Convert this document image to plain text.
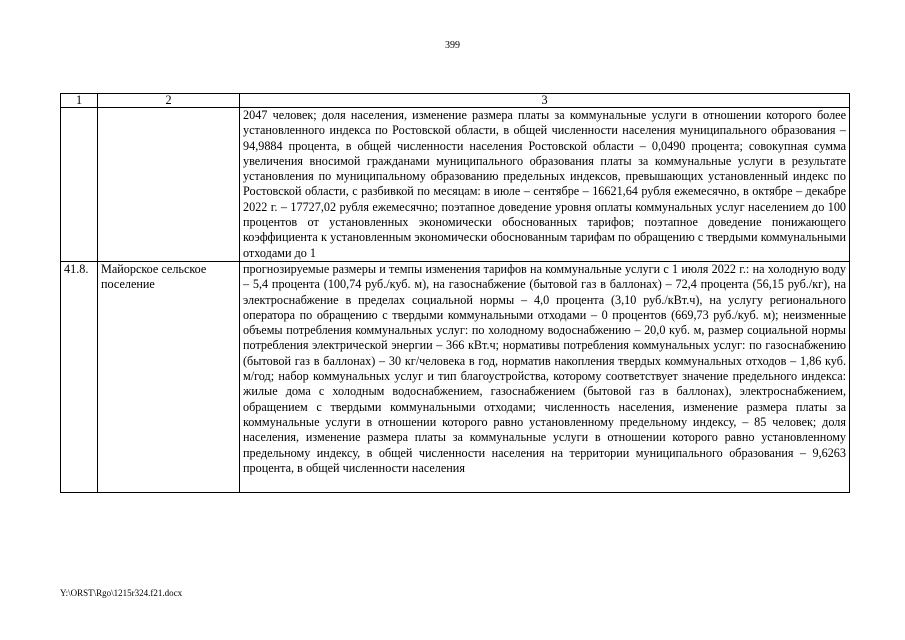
399
1	2	3

		2047 человек; доля населения, изменение размера платы за коммунальные услуги в отношении которого более установленного индекса по Ростовской области, в общей численности населения муниципального образования – 94,9884 процента, в общей численности населения Ростовской области – 0,0490 процента; совокупная сумма увеличения вносимой гражданами муниципального образования платы за коммунальные услуги в результате установления по муниципальному образованию предельных индексов, превышающих установленный индекс по Ростовской области, с разбивкой по месяцам: в июле – сентябре – 16621,64 рубля ежемесячно, в октябре – декабре 2022 г. – 17727,02 рубля ежемесячно; поэтапное доведение уровня оплаты коммунальных услуг населением до 100 процентов от установленных экономически обоснованных тарифов; поэтапное доведение понижающего коэффициента к установленным экономически обоснованным тарифам по обращению с твердыми коммунальными отходами до 1

41.8.	Майорское сельское поселение	прогнозируемые размеры и темпы изменения тарифов на коммунальные услуги с 1 июля 2022 г.: на холодную воду – 5,4 процента (100,74 руб./куб. м), на газоснабжение (бытовой газ в баллонах) – 72,4 процента (56,15 руб./кг), на электроснабжение в пределах социальной нормы – 4,0 процента (3,10 руб./кВт.ч), на услугу регионального оператора по обращению с твердыми коммунальными отходами – 0 процентов (669,73 руб./куб. м); неизменные объемы потребления коммунальных услуг: по холодному водоснабжению – 20,0 куб. м, размер социальной нормы потребления электрической энергии – 366 кВт.ч; нормативы потребления коммунальных услуг: по газоснабжению (бытовой газ в баллонах) – 30 кг/человека в год, норматив накопления твердых коммунальных отходов – 1,86 куб. м/год; набор коммунальных услуг и тип благоустройства, которому соответствует значение предельного индекса: жилые дома с холодным водоснабжением, газоснабжением (бытовой газ в баллонах), электроснабжением, обращением с твердыми коммунальными отходами; численность населения, изменение размера платы за коммунальные услуги в отношении которого равно установленному предельному индексу, – 85 человек; доля населения, изменение размера платы за коммунальные услуги в отношении которого равно установленному предельному индексу, в общей численности населения на территории муниципального образования – 9,6263 процента, в общей численности населения

Y:\ORST\Rgo\1215r324.f21.docx
